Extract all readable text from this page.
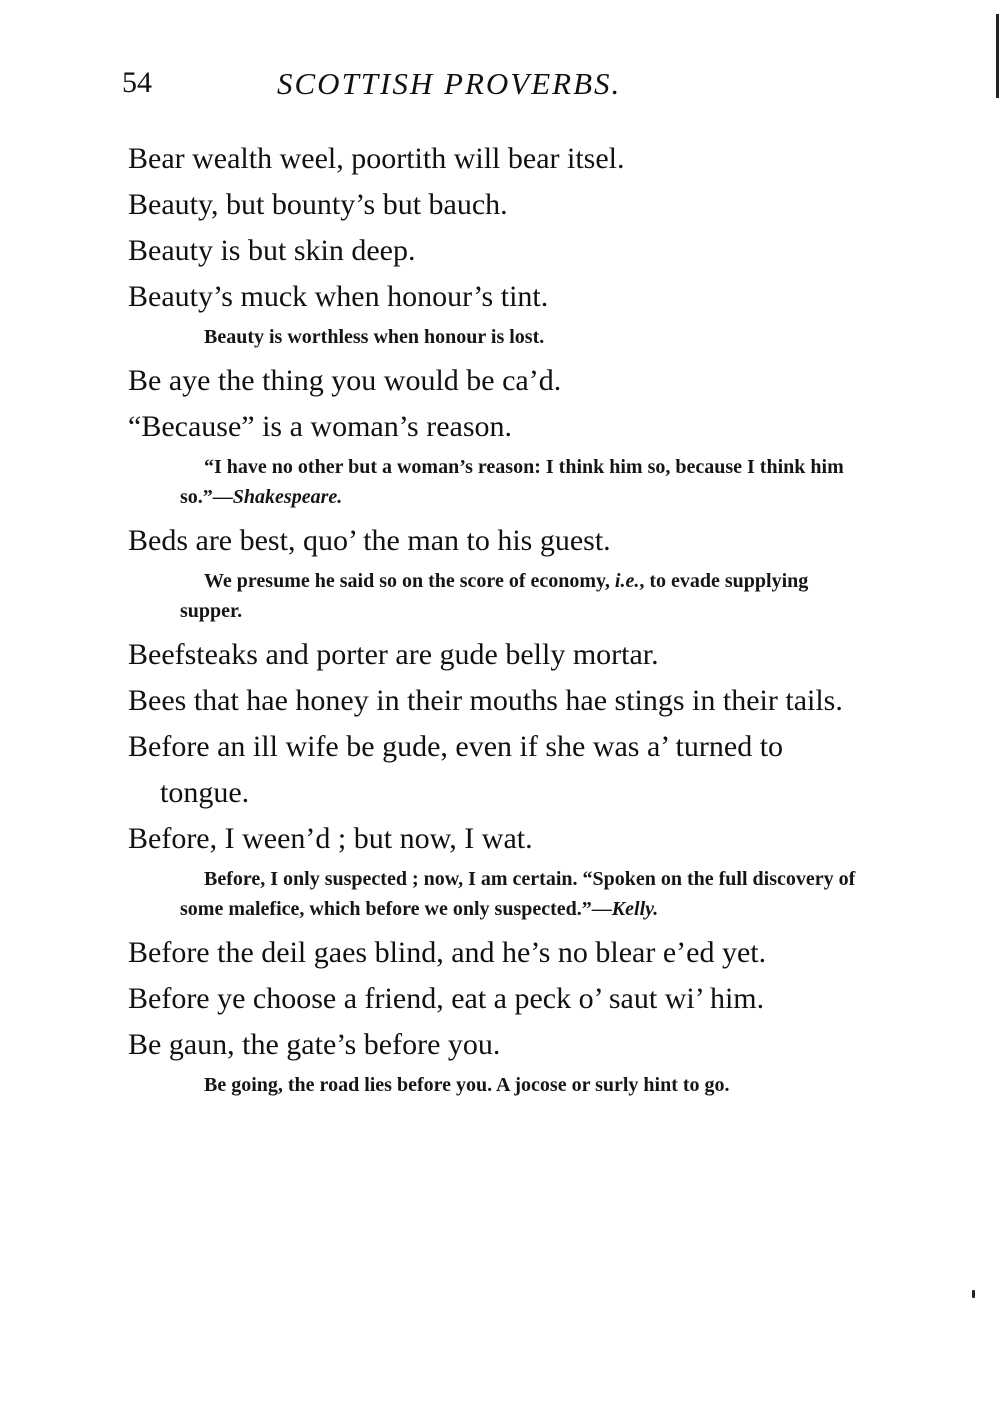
54	SCOTTISH PROVERBS.
Bear wealth weel, poortith will bear itsel.
Beauty, but bounty’s but bauch.
Beauty is but skin deep.
Beauty’s muck when honour’s tint.
Beauty is worthless when honour is lost.
Be aye the thing you would be ca’d.
“Because” is a woman’s reason.
“I have no other but a woman’s reason: I think him so, because I think him so.”—Shakespeare.
Beds are best, quo’ the man to his guest.
We presume he said so on the score of economy, i.e., to evade supplying supper.
Beefsteaks and porter are gude belly mortar.
Bees that hae honey in their mouths hae stings in their tails.
Before an ill wife be gude, even if she was a’ turned to tongue.
Before, I ween’d ; but now, I wat.
Before, I only suspected ; now, I am certain. “Spoken on the full discovery of some malefice, which before we only suspected.”—Kelly.
Before the deil gaes blind, and he’s no blear e’ed yet.
Before ye choose a friend, eat a peck o’ saut wi’ him.
Be gaun, the gate’s before you.
Be going, the road lies before you. A jocose or surly hint to go.
